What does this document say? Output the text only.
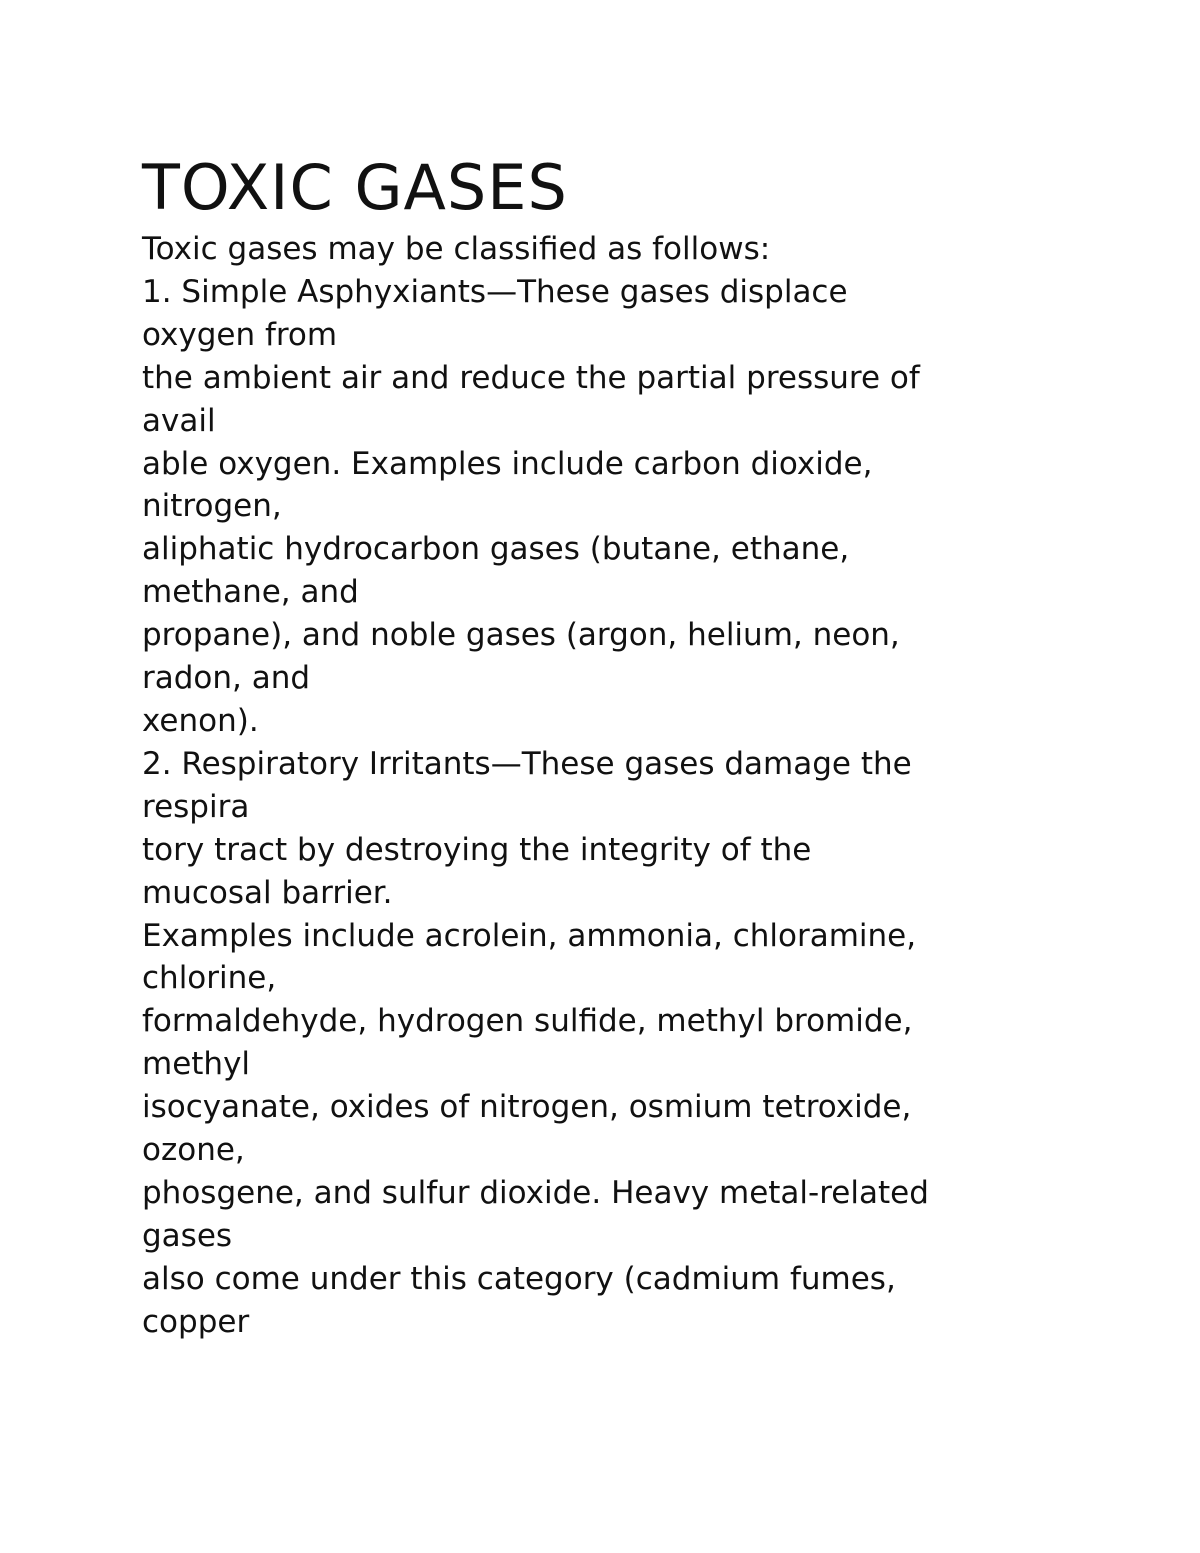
TOXIC GASES

Toxic gases may be classified as follows:

1. Simple Asphyxiants—These gases displace

oxygen from

the ambient air and reduce the partial pressure of

avail

able oxygen. Examples include carbon dioxide,

nitrogen,

aliphatic hydrocarbon gases (butane, ethane,

methane, and

propane), and noble gases (argon, helium, neon,

radon, and

xenon).

2. Respiratory Irritants—These gases damage the

respira

tory tract by destroying the integrity of the

mucosal barrier.

Examples include acrolein, ammonia, chloramine,

chlorine,

formaldehyde, hydrogen sulfide, methyl bromide,

methyl

isocyanate, oxides of nitrogen, osmium tetroxide,

ozone,

phosgene, and sulfur dioxide. Heavy metal-related

gases

also come under this category (cadmium fumes,

copper
